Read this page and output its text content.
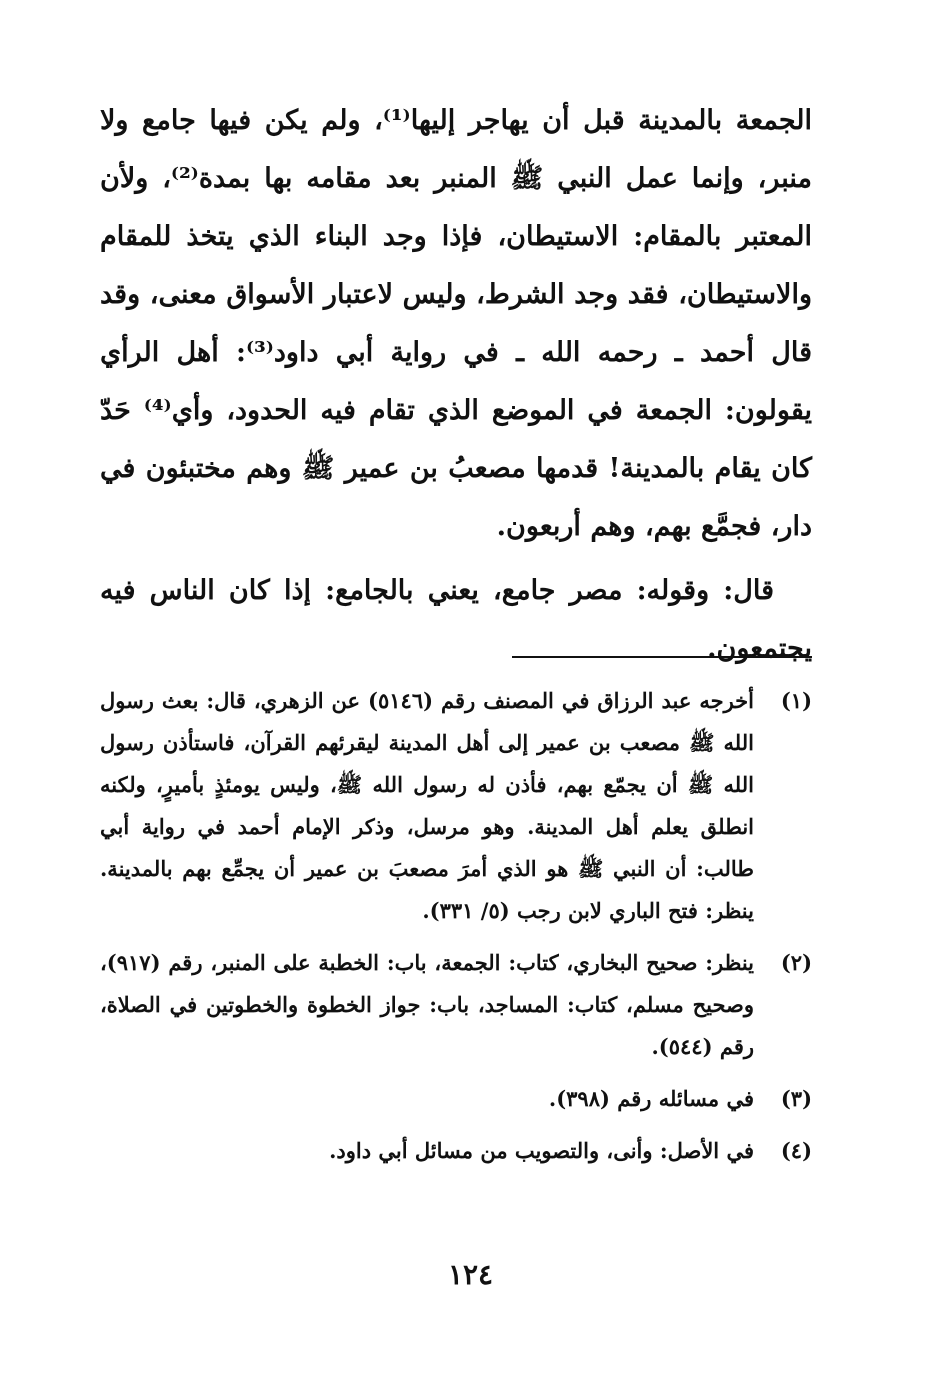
الجمعة بالمدينة قبل أن يهاجر إليها⁽¹⁾، ولم يكن فيها جامع ولا منبر، وإنما عمل النبي ﷺ المنبر بعد مقامه بها بمدة⁽²⁾، ولأن المعتبر بالمقام: الاستيطان، فإذا وجد البناء الذي يتخذ للمقام والاستيطان، فقد وجد الشرط، وليس لاعتبار الأسواق معنى، وقد قال أحمد ـ رحمه الله ـ في رواية أبي داود⁽³⁾: أهل الرأي يقولون: الجمعة في الموضع الذي تقام فيه الحدود، وأي⁽⁴⁾ حَدّ كان يقام بالمدينة! قدمها مصعبُ بن عمير ﷺ وهم مختبئون في دار، فجمَّع بهم، وهم أربعون.

قال: وقوله: مصر جامع، يعني بالجامع: إذا كان الناس فيه يجتمعون.

(١)
أخرجه عبد الرزاق في المصنف رقم (٥١٤٦) عن الزهري، قال: بعث رسول الله ﷺ مصعب بن عمير إلى أهل المدينة ليقرئهم القرآن، فاستأذن رسول الله ﷺ أن يجمّع بهم، فأذن له رسول الله ﷺ، وليس يومئذٍ بأميرٍ، ولكنه انطلق يعلم أهل المدينة. وهو مرسل، وذكر الإمام أحمد في رواية أبي طالب: أن النبي ﷺ هو الذي أمرَ مصعبَ بن عمير أن يجمِّع بهم بالمدينة. ينظر: فتح الباري لابن رجب (٥/ ٣٣١).
(٢)
ينظر: صحيح البخاري، كتاب: الجمعة، باب: الخطبة على المنبر، رقم (٩١٧)، وصحيح مسلم، كتاب: المساجد، باب: جواز الخطوة والخطوتين في الصلاة، رقم (٥٤٤).
(٣)
في مسائله رقم (٣٩٨).
(٤)
في الأصل: وأنى، والتصويب من مسائل أبي داود.
١٢٤
